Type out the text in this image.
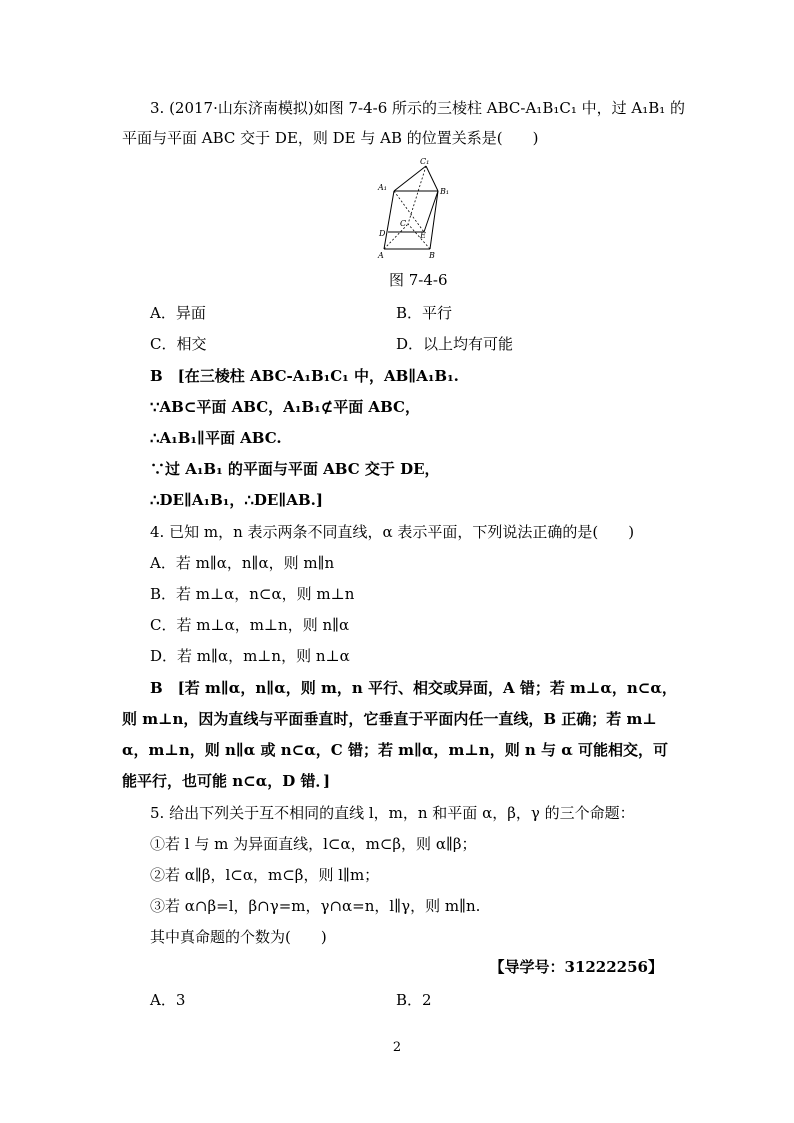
3. (2017·山东济南模拟)如图 7-4-6 所示的三棱柱 ABC-A₁B₁C₁ 中，过 A₁B₁ 的
平面与平面 ABC 交于 DE，则 DE 与 AB 的位置关系是(　　)
C₁
A₁	B₁
C
D	E
A	B
图 7-4-6
A．异面	B．平行
C．相交	D．以上均有可能
B　[在三棱柱 ABC-A₁B₁C₁ 中，AB∥A₁B₁.
∵AB⊂平面 ABC，A₁B₁⊄平面 ABC，
∴A₁B₁∥平面 ABC.
∵过 A₁B₁ 的平面与平面 ABC 交于 DE，
∴DE∥A₁B₁，∴DE∥AB.]
4. 已知 m，n 表示两条不同直线，α 表示平面，下列说法正确的是(　　)
A．若 m∥α，n∥α，则 m∥n
B．若 m⊥α，n⊂α，则 m⊥n
C．若 m⊥α，m⊥n，则 n∥α
D．若 m∥α，m⊥n，则 n⊥α
B　[若 m∥α，n∥α，则 m，n 平行、相交或异面，A 错；若 m⊥α，n⊂α，
则 m⊥n，因为直线与平面垂直时，它垂直于平面内任一直线，B 正确；若 m⊥
α，m⊥n，则 n∥α 或 n⊂α，C 错；若 m∥α，m⊥n，则 n 与 α 可能相交，可
能平行，也可能 n⊂α，D 错．]
5. 给出下列关于互不相同的直线 l，m，n 和平面 α，β，γ 的三个命题：
①若 l 与 m 为异面直线，l⊂α，m⊂β，则 α∥β；
②若 α∥β，l⊂α，m⊂β，则 l∥m；
③若 α∩β=l，β∩γ=m，γ∩α=n，l∥γ，则 m∥n.
其中真命题的个数为(　　)
【导学号：31222256】
A．3	B．2
2
